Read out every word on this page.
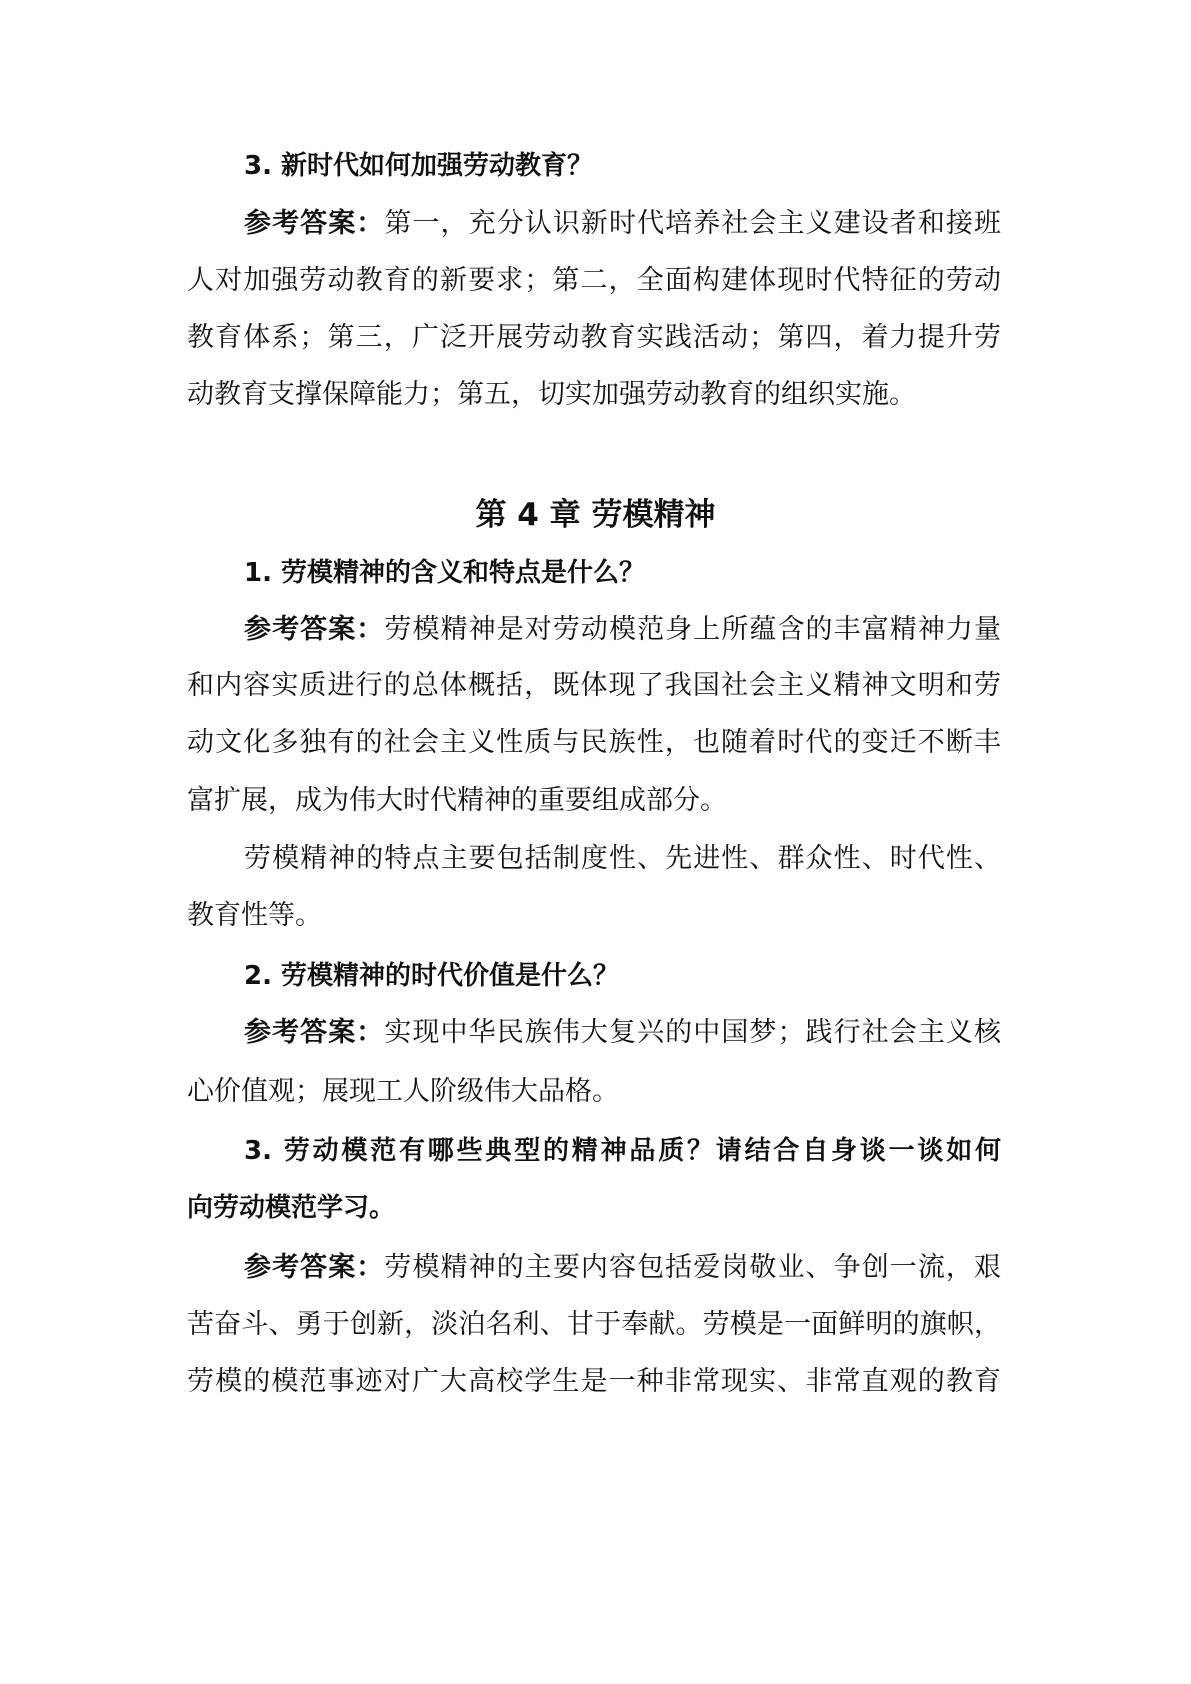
3. 新时代如何加强劳动教育？
参考答案：第一，充分认识新时代培养社会主义建设者和接班
人对加强劳动教育的新要求；第二，全面构建体现时代特征的劳动
教育体系；第三，广泛开展劳动教育实践活动；第四，着力提升劳
动教育支撑保障能力；第五，切实加强劳动教育的组织实施。
第 4 章 劳模精神
1. 劳模精神的含义和特点是什么？
参考答案：劳模精神是对劳动模范身上所蕴含的丰富精神力量
和内容实质进行的总体概括，既体现了我国社会主义精神文明和劳
动文化多独有的社会主义性质与民族性，也随着时代的变迁不断丰
富扩展，成为伟大时代精神的重要组成部分。
劳模精神的特点主要包括制度性、先进性、群众性、时代性、
教育性等。
2. 劳模精神的时代价值是什么？
参考答案：实现中华民族伟大复兴的中国梦；践行社会主义核
心价值观；展现工人阶级伟大品格。
3. 劳动模范有哪些典型的精神品质？请结合自身谈一谈如何
向劳动模范学习。
参考答案：劳模精神的主要内容包括爱岗敬业、争创一流，艰
苦奋斗、勇于创新，淡泊名利、甘于奉献。劳模是一面鲜明的旗帜，
劳模的模范事迹对广大高校学生是一种非常现实、非常直观的教育
